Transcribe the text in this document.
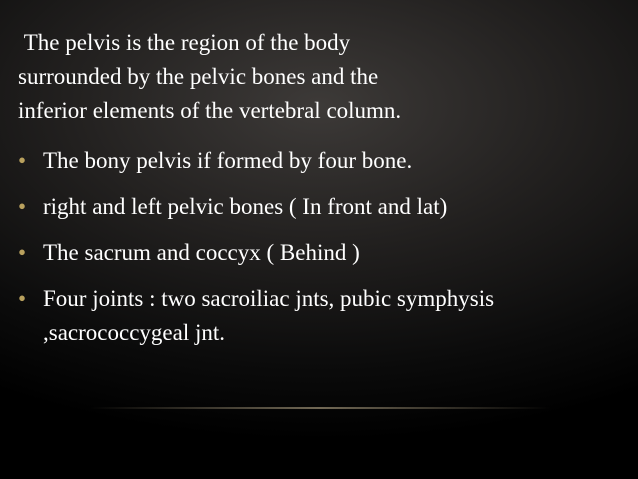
The pelvis is the region of the body
surrounded by the pelvic bones and the
inferior elements of the vertebral column.

• The bony pelvis if formed by four bone.
• right and left pelvic bones ( In front and lat)
• The sacrum and coccyx ( Behind )
• Four joints : two sacroiliac jnts, pubic symphysis ,sacrococcygeal jnt.
